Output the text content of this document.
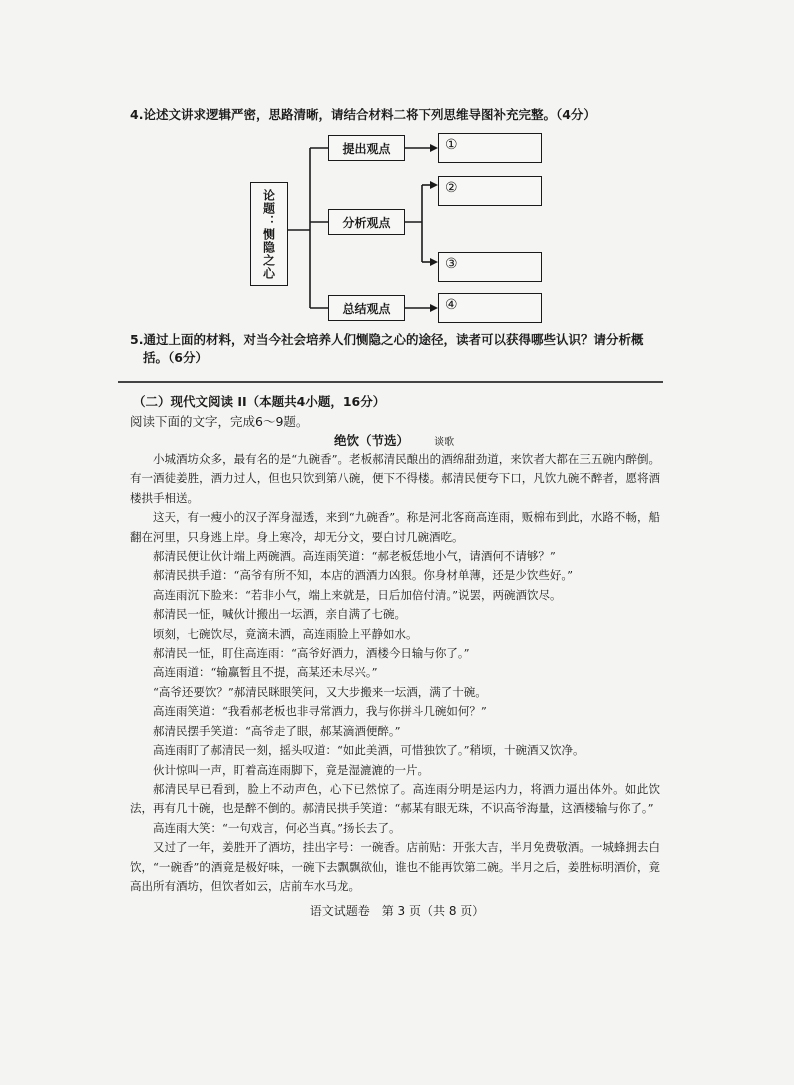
4.论述文讲求逻辑严密，思路清晰，请结合材料二将下列思维导图补充完整。（4分）
论题：恻隐之心
提出观点
分析观点
总结观点
①
②
③
④
5.通过上面的材料，对当今社会培养人们恻隐之心的途径，读者可以获得哪些认识？请分析概
括。（6分）
（二）现代文阅读 II（本题共4小题，16分）
阅读下面的文字，完成6～9题。
绝饮（节选）	谈歌

小城酒坊众多，最有名的是“九碗香”。老板郝清民酿出的酒绵甜劲道，来饮者大都在三五碗内醉倒。有一酒徒姜胜，酒力过人，但也只饮到第八碗，便下不得楼。郝清民便夸下口，凡饮九碗不醉者，愿将酒楼拱手相送。

这天，有一瘦小的汉子浑身湿透，来到“九碗香”。称是河北客商高连雨，贩棉布到此，水路不畅，船翻在河里，只身逃上岸。身上寒冷，却无分文，要白讨几碗酒吃。

郝清民便让伙计端上两碗酒。高连雨笑道：“郝老板恁地小气，请酒何不请够？”

郝清民拱手道：“高爷有所不知，本店的酒酒力凶狠。你身材单薄，还是少饮些好。”

高连雨沉下脸来：“若非小气，端上来就是，日后加倍付清。”说罢，两碗酒饮尽。

郝清民一怔，喊伙计搬出一坛酒，亲自满了七碗。

顷刻，七碗饮尽，竟滴未洒，高连雨脸上平静如水。

郝清民一怔，盯住高连雨：“高爷好酒力，酒楼今日输与你了。”

高连雨道：“输赢暂且不提，高某还未尽兴。”

“高爷还要饮？”郝清民眯眼笑问，又大步搬来一坛酒，满了十碗。

高连雨笑道：“我看郝老板也非寻常酒力，我与你拼斗几碗如何？”

郝清民摆手笑道：“高爷走了眼，郝某滴酒便醉。”

高连雨盯了郝清民一刻，摇头叹道：“如此美酒，可惜独饮了。”稍顷，十碗酒又饮净。

伙计惊叫一声，盯着高连雨脚下，竟是湿漉漉的一片。

郝清民早已看到，脸上不动声色，心下已然惊了。高连雨分明是运内力，将酒力逼出体外。如此饮法，再有几十碗，也是醉不倒的。郝清民拱手笑道：“郝某有眼无珠，不识高爷海量，这酒楼输与你了。”

高连雨大笑：“一句戏言，何必当真。”扬长去了。

又过了一年，姜胜开了酒坊，挂出字号：一碗香。店前贴：开张大吉，半月免费敬酒。一城蜂拥去白饮，“一碗香”的酒竟是极好味，一碗下去飘飘欲仙，谁也不能再饮第二碗。半月之后，姜胜标明酒价，竟高出所有酒坊，但饮者如云，店前车水马龙。

语文试题卷　第 3 页（共 8 页）
